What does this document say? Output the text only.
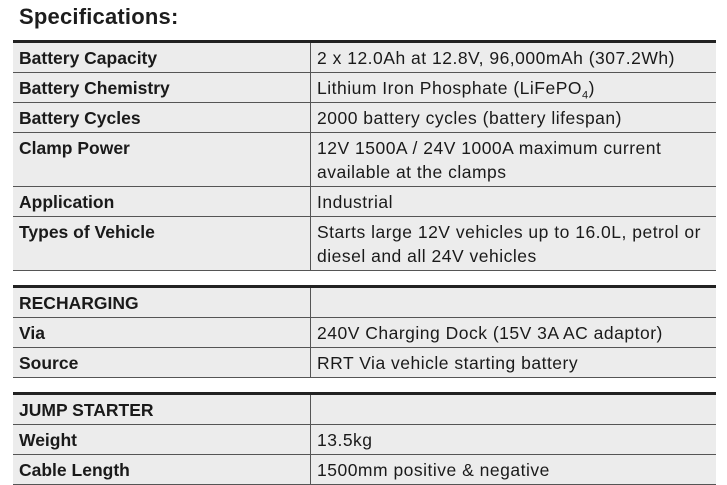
Specifications:
Battery Capacity	2 x 12.0Ah at 12.8V, 96,000mAh (307.2Wh)
Battery Chemistry	Lithium Iron Phosphate (LiFePO$_4$)
Battery Cycles	2000 battery cycles (battery lifespan)
Clamp Power	12V 1500A / 24V 1000A maximum current available at the clamps
Application	Industrial
Types of Vehicle	Starts large 12V vehicles up to 16.0L, petrol or diesel and all 24V vehicles

RECHARGING	
Via	240V Charging Dock (15V 3A AC adaptor)
Source	RRT Via vehicle starting battery

JUMP STARTER	
Weight	13.5kg
Cable Length	1500mm positive & negative
